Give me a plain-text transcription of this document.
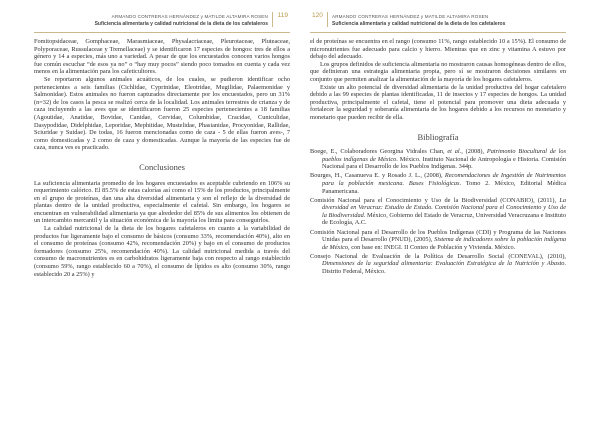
ARMANDO CONTRERAS HERNÁNDEZ y MATILDE ALTAMIRA ROSEN
Suficiencia alimentaria y calidad nutricional de la dieta de los cafetaleros
119

Fomitopsidaceae, Gomphaceae, Marasmiaceae, Physalacriaceae, Pleurotaceae, Pluteaceae, Polyporaceae, Russulaceae y Tremellaceae) y se identificaron 17 especies de hongos: tres de ellos a género y 14 a especies, más uno a variedad. A pesar de que los encuestados conocen varios hongos fue común escuchar “de esos ya no” o “hay muy pocos” siendo poco tomados en cuenta y cada vez menos en la alimentación para los cafeticultores.

Se reportaron algunos animales acuáticos, de los cuales, se pudieron identificar ocho pertenecientes a seis familias (Cichlidae, Cyprinidae, Eleotridae, Mugilidae, Palaemonidae y Salmonidae). Estos animales no fueron capturados directamente por los encuestados, pero un 31% (n=32) de los casos la pesca se realizó cerca de la localidad. Los animales terrestres de crianza y de caza incluyendo a las aves que se identificaron fueron 25 especies pertenecientes a 18 familias (Agoutidae, Anatidae, Bovidae, Canidae, Cervidae, Columbidae, Cracidae, Cuniculidae, Dasypodidae, Didelphidae, Leporidae, Mephitidae, Mustelidae, Phasianidae, Procyonidae, Rallidae, Sciuridae y Suidae). De todas, 16 fueron mencionadas como de caza - 5 de ellas fueron aves-, 7 como domesticadas y 2 como de caza y domesticadas. Aunque la mayoría de las especies fue de caza, nunca ves es practicado.

Conclusiones

La suficiencia alimentaria promedio de los hogares encuestados es aceptable cubriendo en 106% su requerimiento calórico. El 85.5% de estas calorías así como el 15% de los productos, principalmente en el grupo de proteínas, dan una alta diversidad alimentaria y son el reflejo de la diversidad de plantas dentro de la unidad productiva, especialmente el cafetal. Sin embargo, los hogares se encuentran en vulnerabilidad alimentaria ya que alrededor del 85% de sus alimentos los obtienen de un intercambio mercantil y la situación económica de la mayoría los limita para conseguirlos.

La calidad nutricional de la dieta de los hogares cafetaleros en cuanto a la variabilidad de productos fue ligeramente bajo el consumo de básicos (consumo 33%, recomendación 40%), alto en el consumo de proteínas (consumo 42%, recomendación 20%) y bajo en el consumo de productos formadores (consumo 25%, recomendación 40%). La calidad nutricional medida a través del consumo de macronutrientes es en carbohidratos ligeramente baja con respecto al rango establecido (consumo 59%, rango establecido 60 a 70%), el consumo de lípidos es alto (consumo 30%, rango establecido 20 a 25%) y

120 ARMANDO CONTRERAS HERNÁNDEZ y MATILDE ALTAMIRA ROSEN
Suficiencia alimentaria y calidad nutricional de la dieta de los cafetaleros

el de proteínas se encuentra en el rango (consumo 11%, rango establecido 10 a 15%). El consumo de micronutrientes fue adecuado para calcio y hierro. Mientras que en zinc y vitamina A estuvo por debajo del adecuado.

Los grupos definidos de suficiencia alimentaria no mostraron causas homogéneas dentro de ellos, que definieran una estrategia alimentaria propia, pero sí se mostraron decisiones similares en conjunto que permiten analizar la alimentación de la mayoría de los hogares cafetaleros.

Existe un alto potencial de diversidad alimentaria de la unidad productiva del hogar cafetalero debido a las 99 especies de plantas identificadas, 11 de insectos y 17 especies de hongos. La unidad productiva, principalmente el cafetal, tiene el potencial para promover una dieta adecuada y fortalecer la seguridad y soberanía alimentaria de los hogares debido a los recursos no monetario y monetario que pueden recibir de ella.

Bibliografía
Boege, E., Colaboradores Georgina Vidrales Chan, et al., (2008), Patrimonio Biocultural de los pueblos indígenas de México. México. Instituto Nacional de Antropología e Historia. Comisión Nacional para el Desarrollo de los Pueblos Indígenas. 344p.
Bourges, H., Casanueva E. y Rosado J. L., (2008), Recomendaciones de Ingestión de Nutrimentos para la población mexicana. Bases Fisiológicas. Tomo 2. México, Editorial Médica Panamericana.
Comisión Nacional para el Conocimiento y Uso de la Biodiversidad (CONABIO), (2011), La diversidad en Veracruz: Estudio de Estado. Comisión Nacional para el Conocimiento y Uso de la Biodiversidad. México, Gobierno del Estado de Veracruz, Universidad Veracruzana e Instituto de Ecología, A.C.
Comisión Nacional para el Desarrollo de los Pueblos Indígenas (CDI) y Programa de las Naciones Unidas para el Desarrollo (PNUD), (2005), Sistema de indicadores sobre la población indígena de México, con base en: INEGI. II Conteo de Población y Vivienda. México.
Consejo Nacional de Evaluación de la Política de Desarrollo Social (CONEVAL), (2010), Dimensiones de la seguridad alimentaria: Evaluación Estratégica de la Nutrición y Abasto. Distrito Federal, México.
